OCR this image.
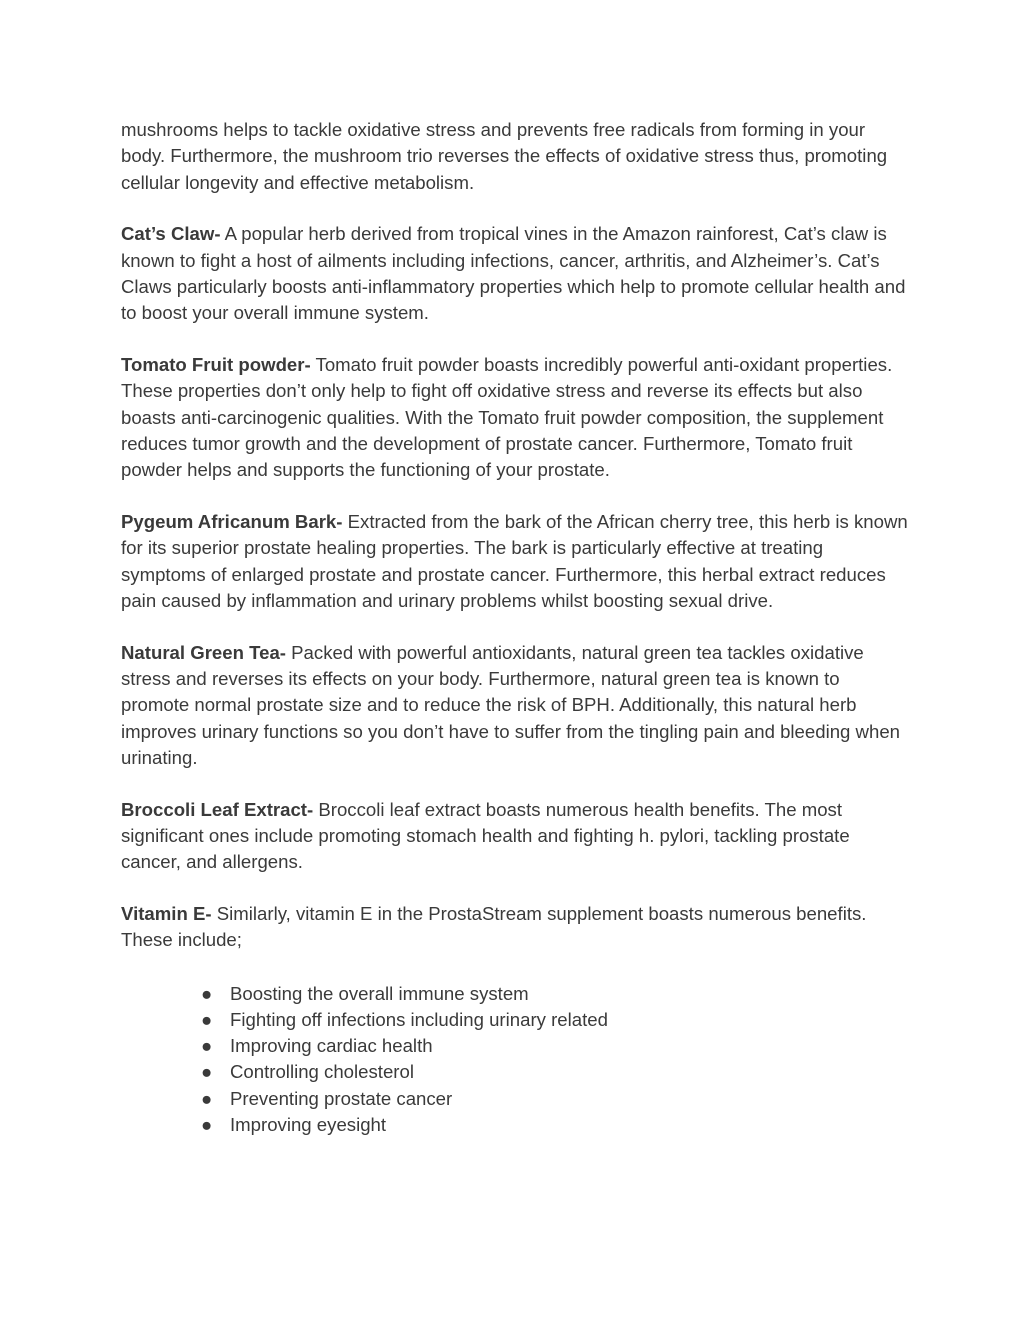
mushrooms helps to tackle oxidative stress and prevents free radicals from forming in your body. Furthermore, the mushroom trio reverses the effects of oxidative stress thus, promoting cellular longevity and effective metabolism.

Cat’s Claw- A popular herb derived from tropical vines in the Amazon rainforest, Cat’s claw is known to fight a host of ailments including infections, cancer, arthritis, and Alzheimer’s. Cat’s Claws particularly boosts anti-inflammatory properties which help to promote cellular health and to boost your overall immune system.

Tomato Fruit powder- Tomato fruit powder boasts incredibly powerful anti-oxidant properties. These properties don’t only help to fight off oxidative stress and reverse its effects but also boasts anti-carcinogenic qualities. With the Tomato fruit powder composition, the supplement reduces tumor growth and the development of prostate cancer. Furthermore, Tomato fruit powder helps and supports the functioning of your prostate.

Pygeum Africanum Bark- Extracted from the bark of the African cherry tree, this herb is known for its superior prostate healing properties. The bark is particularly effective at treating symptoms of enlarged prostate and prostate cancer. Furthermore, this herbal extract reduces pain caused by inflammation and urinary problems whilst boosting sexual drive.

Natural Green Tea- Packed with powerful antioxidants, natural green tea tackles oxidative stress and reverses its effects on your body. Furthermore, natural green tea is known to promote normal prostate size and to reduce the risk of BPH. Additionally, this natural herb improves urinary functions so you don’t have to suffer from the tingling pain and bleeding when urinating.

Broccoli Leaf Extract- Broccoli leaf extract boasts numerous health benefits. The most significant ones include promoting stomach health and fighting h. pylori, tackling prostate cancer, and allergens.

Vitamin E- Similarly, vitamin E in the ProstaStream supplement boasts numerous benefits. These include;

● Boosting the overall immune system
● Fighting off infections including urinary related
● Improving cardiac health
● Controlling cholesterol
● Preventing prostate cancer
● Improving eyesight
